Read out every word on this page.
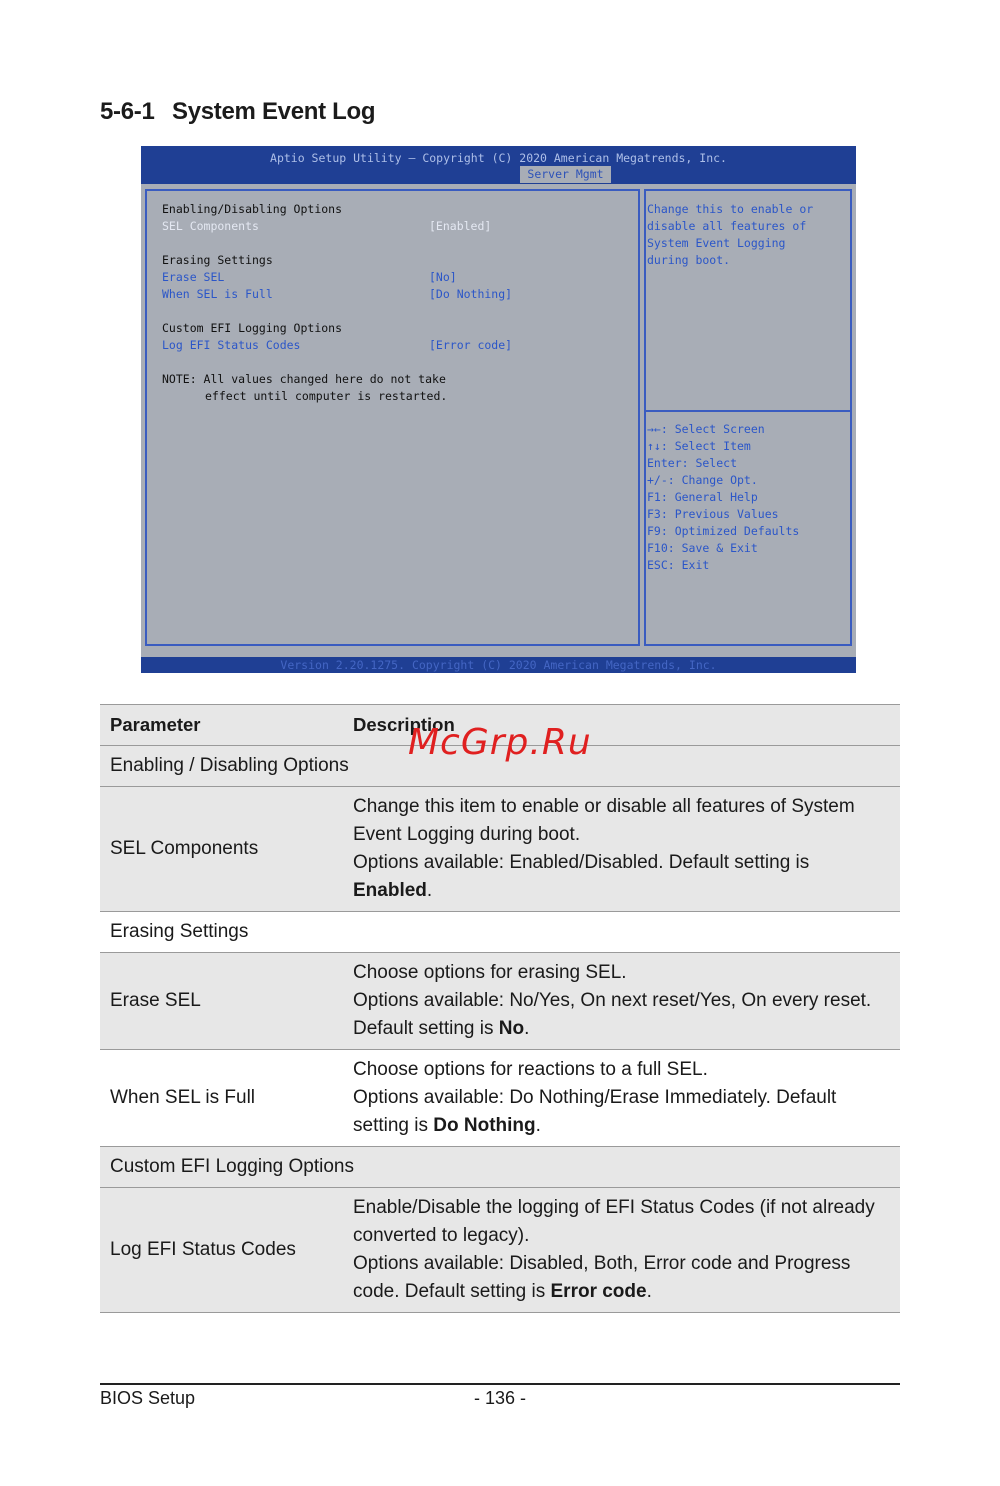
5-6-1 System Event Log
Aptio Setup Utility – Copyright (C) 2020 American Megatrends, Inc.
Server Mgmt
Enabling/Disabling Options
SEL Components	[Enabled]
Erasing Settings
Erase SEL	[No]
When SEL is Full	[Do Nothing]
Custom EFI Logging Options
Log EFI Status Codes	[Error code]
NOTE: All values changed here do not take
effect until computer is restarted.
Change this to enable or
disable all features of
System Event Logging
during boot.
→←: Select Screen
↑↓: Select Item
Enter: Select
+/-: Change Opt.
F1: General Help
F3: Previous Values
F9: Optimized Defaults
F10: Save & Exit
ESC: Exit
Version 2.20.1275. Copyright (C) 2020 American Megatrends, Inc.
Parameter	Description
Enabling / Disabling Options	
SEL Components	Change this item to enable or disable all features of System Event Logging during boot.
Options available: Enabled/Disabled. Default setting is Enabled.

Erasing Settings	
Erase SEL	Choose options for erasing SEL.
Options available: No/Yes, On next reset/Yes, On every reset. Default setting is No.

When SEL is Full	Choose options for reactions to a full SEL.
Options available: Do Nothing/Erase Immediately. Default setting is Do Nothing.

Custom EFI Logging Options	
Log EFI Status Codes	Enable/Disable the logging of EFI Status Codes (if not already converted to legacy).
Options available: Disabled, Both, Error code and Progress code. Default setting is Error code.
McGrp.Ru
BIOS Setup	- 136 -
